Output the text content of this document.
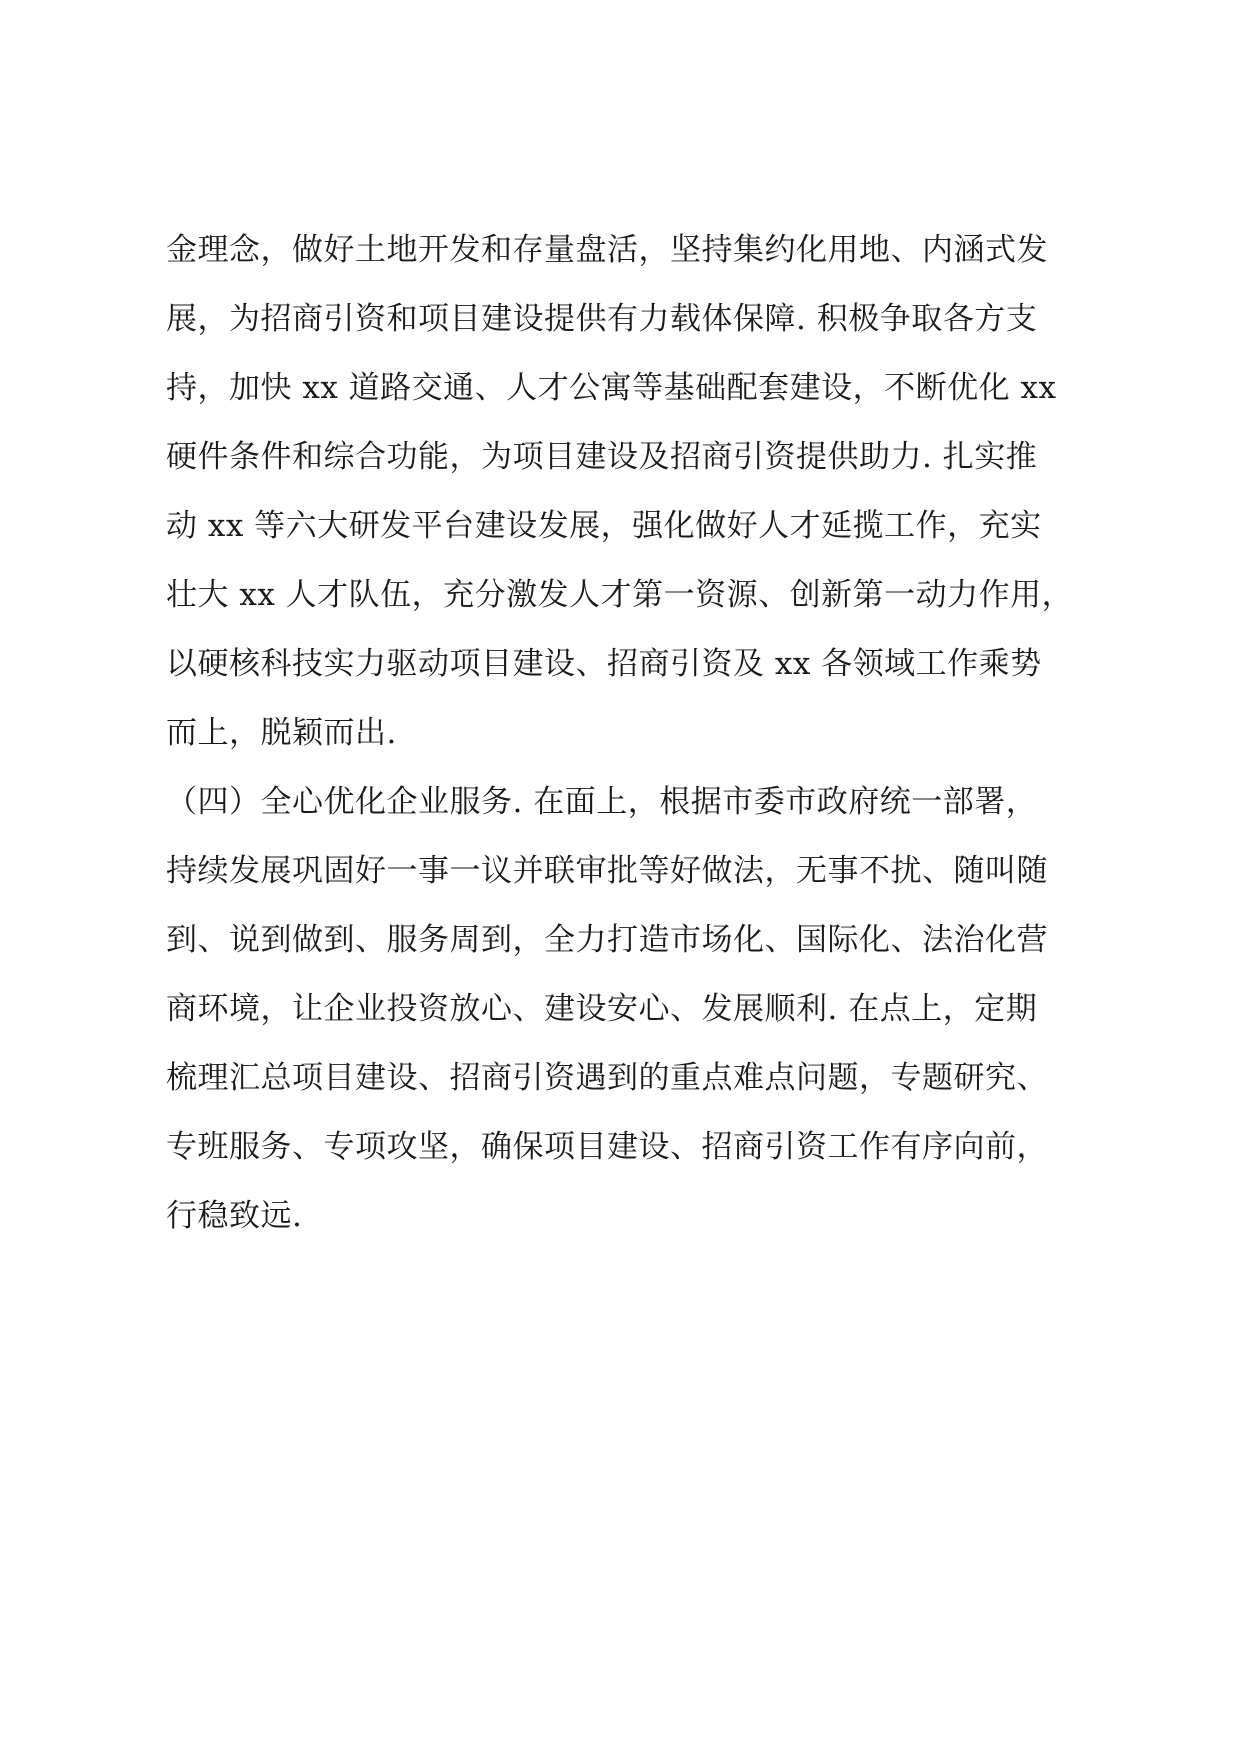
金理念，做好土地开发和存量盘活，坚持集约化用地、内涵式发
展，为招商引资和项目建设提供有力载体保障. 积极争取各方支
持，加快 xx 道路交通、人才公寓等基础配套建设，不断优化 xx
硬件条件和综合功能，为项目建设及招商引资提供助力. 扎实推
动 xx 等六大研发平台建设发展，强化做好人才延揽工作，充实
壮大 xx 人才队伍，充分激发人才第一资源、创新第一动力作用，
以硬核科技实力驱动项目建设、招商引资及 xx 各领域工作乘势
而上，脱颖而出.
（四）全心优化企业服务. 在面上，根据市委市政府统一部署，
持续发展巩固好一事一议并联审批等好做法，无事不扰、随叫随
到、说到做到、服务周到，全力打造市场化、国际化、法治化营
商环境，让企业投资放心、建设安心、发展顺利. 在点上，定期
梳理汇总项目建设、招商引资遇到的重点难点问题，专题研究、
专班服务、专项攻坚，确保项目建设、招商引资工作有序向前，
行稳致远.
